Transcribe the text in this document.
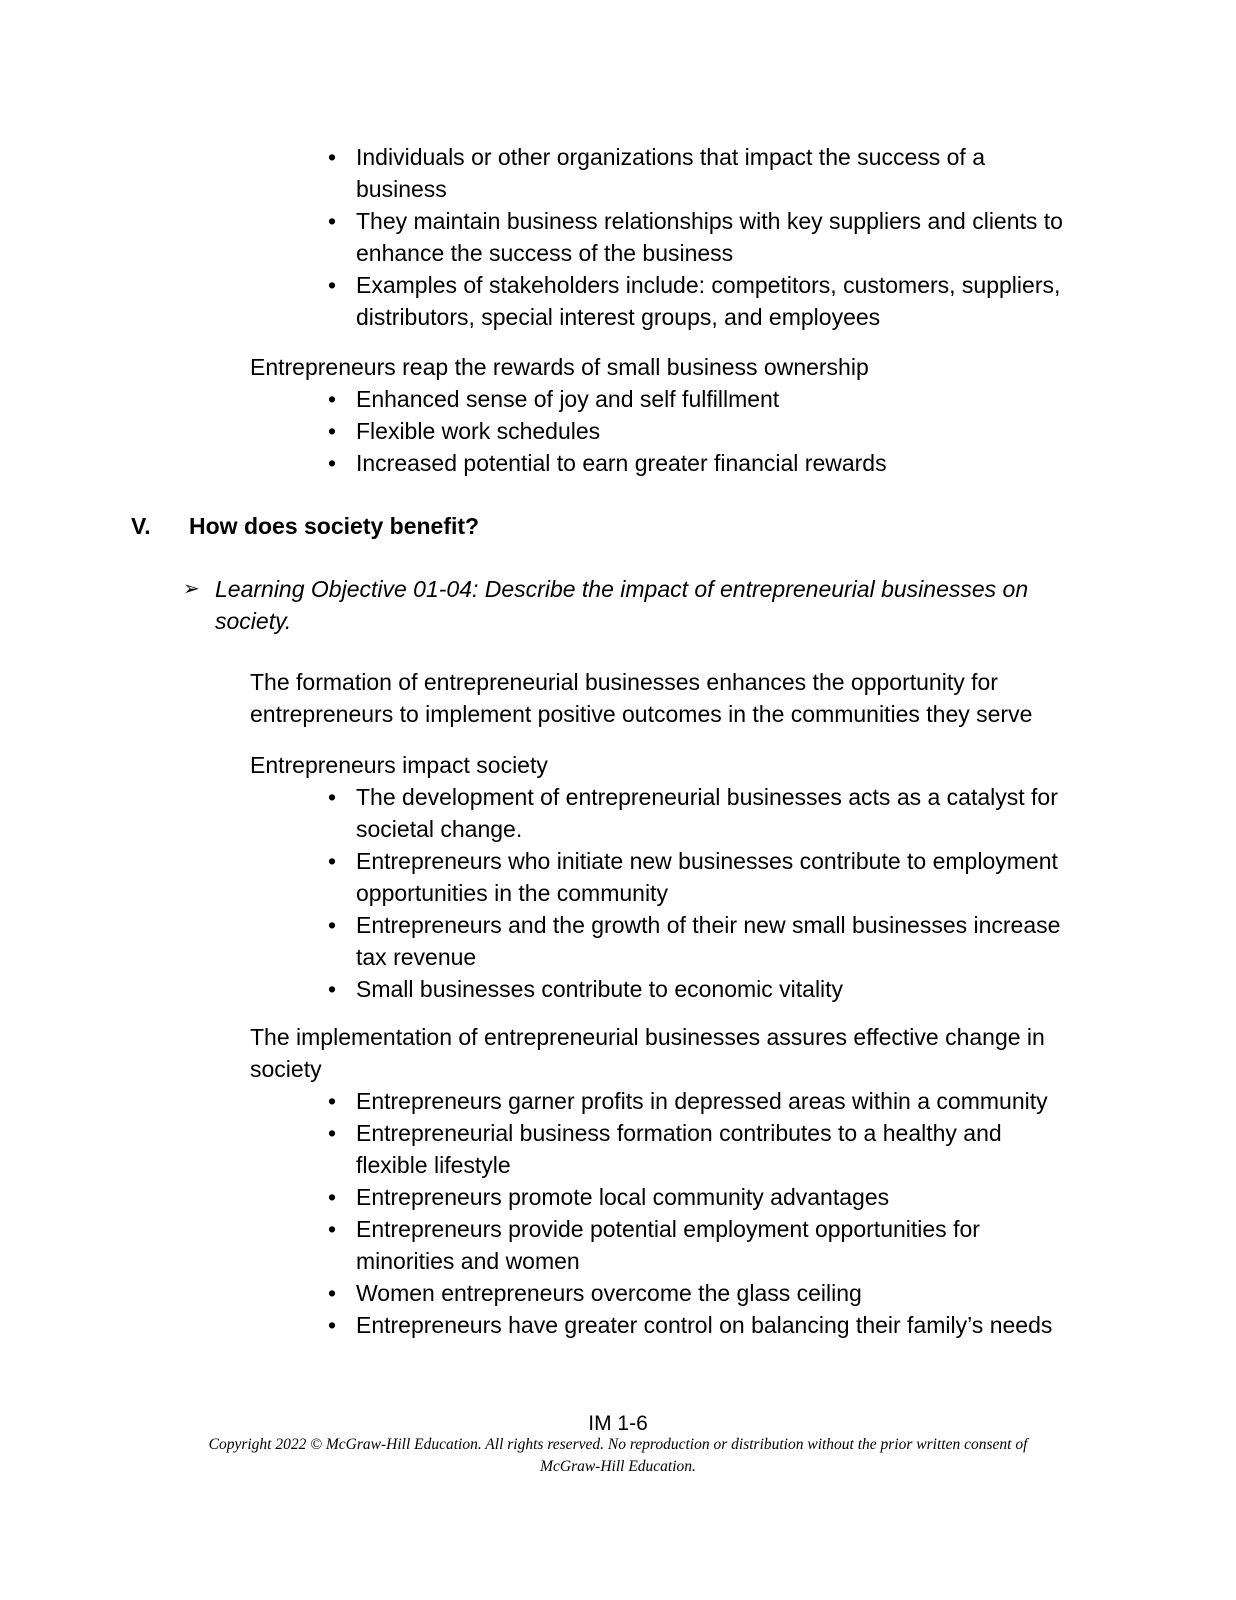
• Individuals or other organizations that impact the success of a business
• They maintain business relationships with key suppliers and clients to enhance the success of the business
• Examples of stakeholders include: competitors, customers, suppliers, distributors, special interest groups, and employees
Entrepreneurs reap the rewards of small business ownership
• Enhanced sense of joy and self fulfillment
• Flexible work schedules
• Increased potential to earn greater financial rewards
V. How does society benefit?
➢ Learning Objective 01-04: Describe the impact of entrepreneurial businesses on society.
The formation of entrepreneurial businesses enhances the opportunity for entrepreneurs to implement positive outcomes in the communities they serve
Entrepreneurs impact society
• The development of entrepreneurial businesses acts as a catalyst for societal change.
• Entrepreneurs who initiate new businesses contribute to employment opportunities in the community
• Entrepreneurs and the growth of their new small businesses increase tax revenue
• Small businesses contribute to economic vitality
The implementation of entrepreneurial businesses assures effective change in society
• Entrepreneurs garner profits in depressed areas within a community
• Entrepreneurial business formation contributes to a healthy and flexible lifestyle
• Entrepreneurs promote local community advantages
• Entrepreneurs provide potential employment opportunities for minorities and women
• Women entrepreneurs overcome the glass ceiling
• Entrepreneurs have greater control on balancing their family’s needs
IM 1-6
Copyright 2022 © McGraw-Hill Education. All rights reserved. No reproduction or distribution without the prior written consent of McGraw-Hill Education.
